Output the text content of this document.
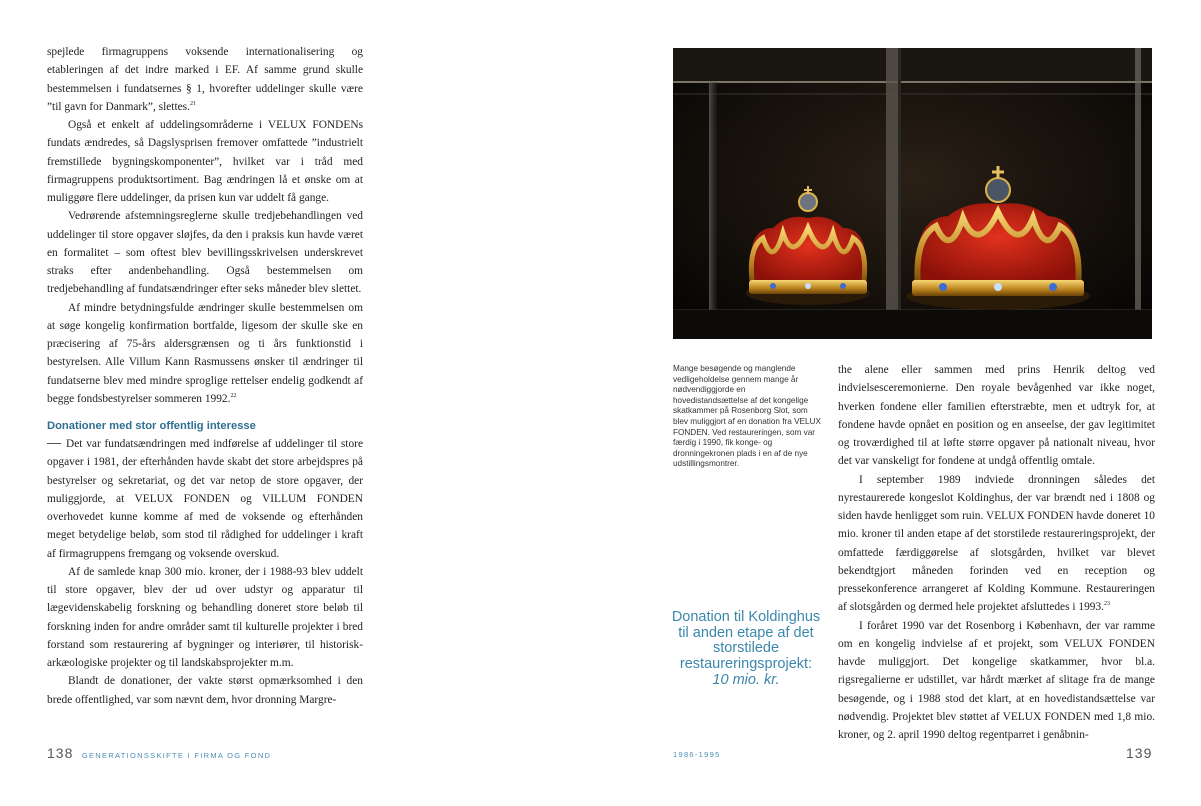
spejlede firmagruppens voksende internationalisering og etableringen af det indre marked i EF. Af samme grund skulle bestemmelsen i fundatsernes § 1, hvorefter uddelinger skulle være ”til gavn for Danmark”, slettes.$^{21}$

Også et enkelt af uddelingsområderne i VELUX FONDENs fundats ændredes, så Dagslysprisen fremover omfattede ”industrielt fremstillede bygningskomponenter”, hvilket var i tråd med firmagruppens produktsortiment. Bag ændringen lå et ønske om at muliggøre flere uddelinger, da prisen kun var uddelt få gange.

Vedrørende afstemningsreglerne skulle tredjebehandlingen ved uddelinger til store opgaver sløjfes, da den i praksis kun havde været en formalitet – som oftest blev bevillingsskrivelsen underskrevet straks efter andenbehandling. Også bestemmelsen om tredjebehandling af fundatsændringer efter seks måneder blev slettet.

Af mindre betydningsfulde ændringer skulle bestemmelsen om at søge kongelig konfirmation bortfalde, ligesom der skulle ske en præcisering af 75-års aldersgrænsen og ti års funktionstid i bestyrelsen. Alle Villum Kann Rasmussens ønsker til ændringer til fundatserne blev med mindre sproglige rettelser endelig godkendt af begge fondsbestyrelser sommeren 1992.22

Donationer med stor offentlig interesse

Det var fundatsændringen med indførelse af uddelinger til store opgaver i 1981, der efterhånden havde skabt det store arbejdspres på bestyrelser og sekretariat, og det var netop de store opgaver, der muliggjorde, at VELUX FONDEN og VILLUM FONDEN overhovedet kunne komme af med de voksende og efterhånden meget betydelige beløb, som stod til rådighed for uddelinger i kraft af firmagruppens fremgang og voksende overskud.

Af de samlede knap 300 mio. kroner, der i 1988-93 blev uddelt til store opgaver, blev der ud over udstyr og apparatur til lægevidenskabelig forskning og behandling doneret store beløb til forskning inden for andre områder samt til kulturelle projekter i bred forstand som restaurering af bygninger og interiører, til historisk-arkæologiske projekter og til landskabsprojekter m.m.

Blandt de donationer, der vakte størst opmærksomhed i den brede offentlighed, var som nævnt dem, hvor dronning Margre-

138 GENERATIONSSKIFTE I FIRMA OG FOND
Mange besøgende og manglende vedligeholdelse gennem mange år nødvendiggjorde en hovedistandsættelse af det kongelige skatkammer på Rosenborg Slot, som blev muliggjort af en donation fra VELUX FONDEN. Ved restaureringen, som var færdig i 1990, fik konge- og dronningekronen plads i en af de nye udstillingsmontrer.
Donation til Koldinghus til anden etape af det storstilede restaureringsprojekt:
10 mio. kr.

the alene eller sammen med prins Henrik deltog ved indvielsesceremonierne. Den royale bevågenhed var ikke noget, hverken fondene eller familien efterstræbte, men et udtryk for, at fondene havde opnået en position og en anseelse, der gav legitimitet og troværdighed til at løfte større opgaver på nationalt niveau, hvor det var vanskeligt for fondene at undgå offentlig omtale.

I september 1989 indviede dronningen således det nyrestaurerede kongeslot Koldinghus, der var brændt ned i 1808 og siden havde henligget som ruin. VELUX FONDEN havde doneret 10 mio. kroner til anden etape af det storstilede restaureringsprojekt, der omfattede færdiggørelse af slotsgården, hvilket var blevet bekendtgjort måneden forinden ved en reception og pressekonference arrangeret af Kolding Kommune. Restaureringen af slotsgården og dermed hele projektet afsluttedes i 1993.23

I foråret 1990 var det Rosenborg i København, der var ramme om en kongelig indvielse af et projekt, som VELUX FONDEN havde muliggjort. Det kongelige skatkammer, hvor bl.a. rigsregalierne er udstillet, var hårdt mærket af slitage fra de mange besøgende, og i 1988 stod det klart, at en hovedistandsættelse var nødvendig. Projektet blev støttet af VELUX FONDEN med 1,8 mio. kroner, og 2. april 1990 deltog regentparret i genåbnin-

1986-1995	139
